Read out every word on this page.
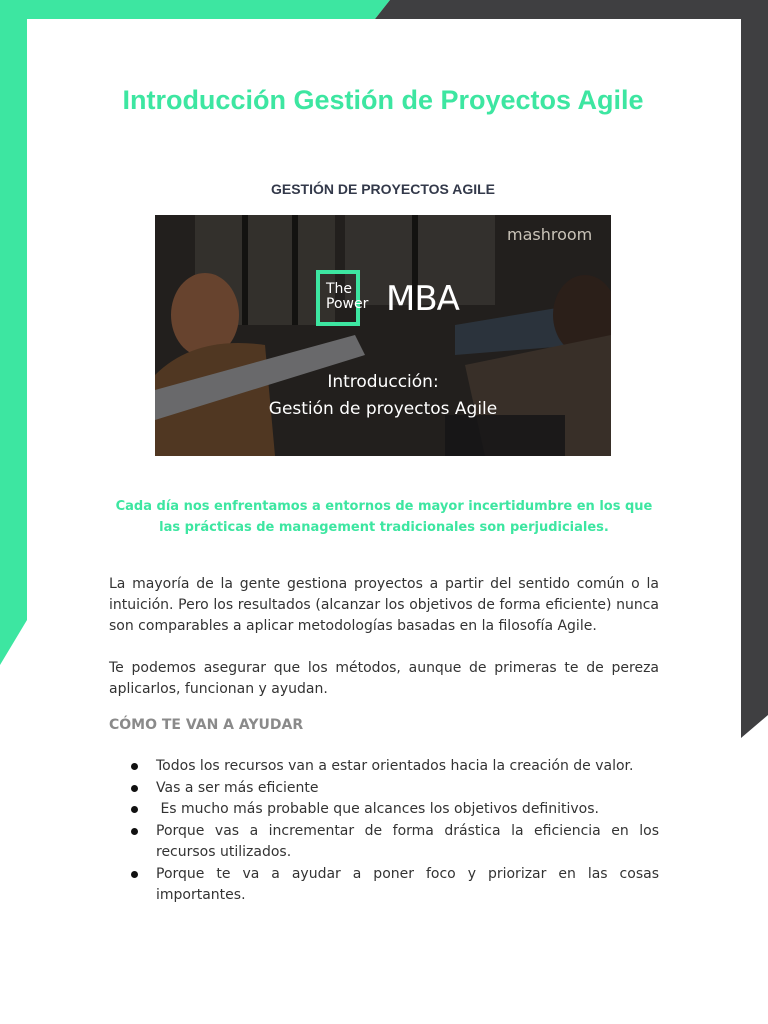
Introducción Gestión de Proyectos Agile
GESTIÓN DE PROYECTOS AGILE
mashroom
The
Power MBA
Introducción:
Gestión de proyectos Agile

Cada día nos enfrentamos a entornos de mayor incertidumbre en los que las prácticas de management tradicionales son perjudiciales.

La mayoría de la gente gestiona proyectos a partir del sentido común o la intuición. Pero los resultados (alcanzar los objetivos de forma eficiente) nunca son comparables a aplicar metodologías basadas en la filosofía Agile.

Te podemos asegurar que los métodos, aunque de primeras te de pereza aplicarlos, funcionan y ayudan.

CÓMO TE VAN A AYUDAR
Todos los recursos van a estar orientados hacia la creación de valor.
Vas a ser más eficiente
Es mucho más probable que alcances los objetivos definitivos.
Porque vas a incrementar de forma drástica la eficiencia en los recursos utilizados.
Porque te va a ayudar a poner foco y priorizar en las cosas importantes.
